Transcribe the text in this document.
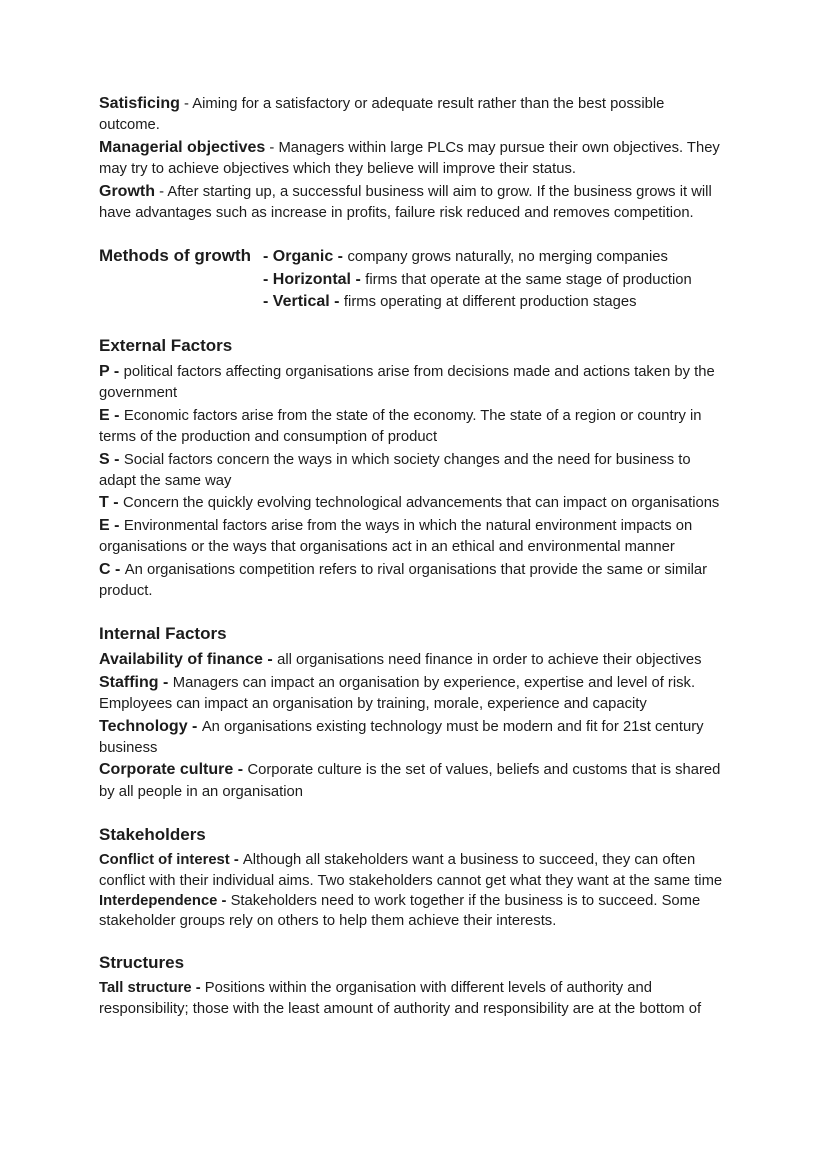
Satisficing - Aiming for a satisfactory or adequate result rather than the best possible outcome.

Managerial objectives - Managers within large PLCs may pursue their own objectives. They may try to achieve objectives which they believe will improve their status.

Growth - After starting up, a successful business will aim to grow. If the business grows it will have advantages such as increase in profits, failure risk reduced and removes competition.

Methods of growth - Organic - company grows naturally, no merging companies

- Horizontal - firms that operate at the same stage of production

- Vertical - firms operating at different production stages

External Factors

P - political factors affecting organisations arise from decisions made and actions taken by the government

E - Economic factors arise from the state of the economy. The state of a region or country in terms of the production and consumption of product

S - Social factors concern the ways in which society changes and the need for business to adapt the same way

T - Concern the quickly evolving technological advancements that can impact on organisations

E - Environmental factors arise from the ways in which the natural environment impacts on organisations or the ways that organisations act in an ethical and environmental manner

C - An organisations competition refers to rival organisations that provide the same or similar product.

Internal Factors

Availability of finance - all organisations need finance in order to achieve their objectives

Staffing - Managers can impact an organisation by experience, expertise and level of risk. Employees can impact an organisation by training, morale, experience and capacity

Technology - An organisations existing technology must be modern and fit for 21st century business

Corporate culture - Corporate culture is the set of values, beliefs and customs that is shared by all people in an organisation

Stakeholders

Conflict of interest - Although all stakeholders want a business to succeed, they can often conflict with their individual aims. Two stakeholders cannot get what they want at the same time

Interdependence - Stakeholders need to work together if the business is to succeed. Some stakeholder groups rely on others to help them achieve their interests.

Structures

Tall structure - Positions within the organisation with different levels of authority and responsibility; those with the least amount of authority and responsibility are at the bottom of
